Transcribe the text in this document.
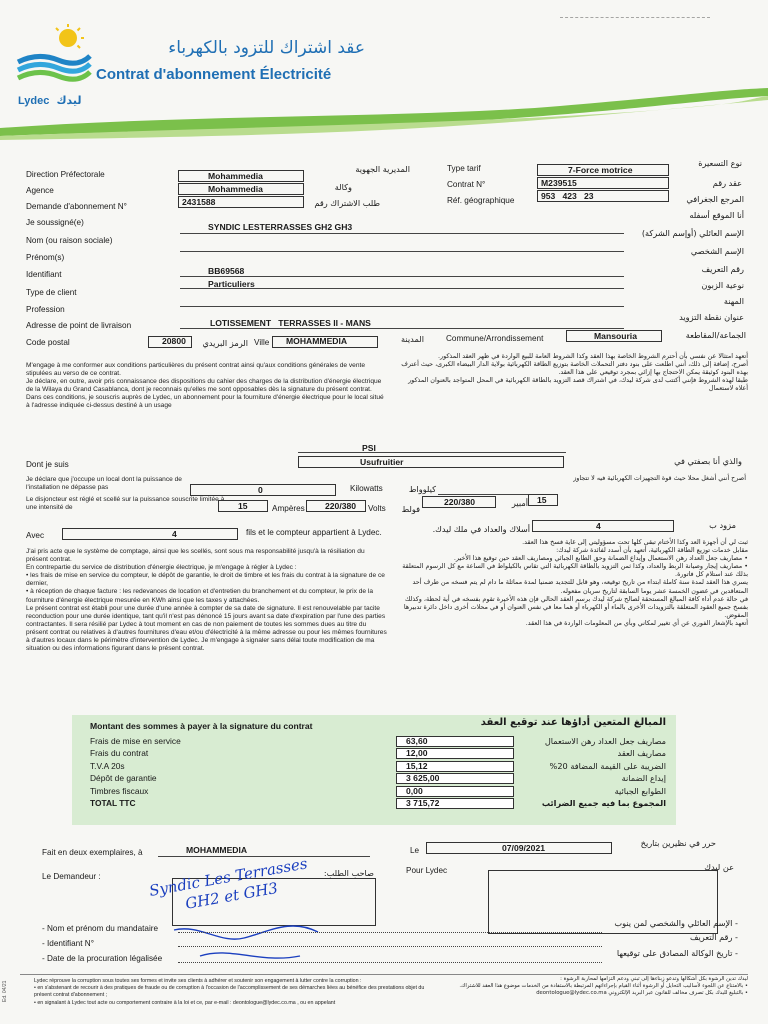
Lydec ليدك
عقد اشتراك للتزود بالكهرباء
Contrat d'abonnement Électricité
Direction Préfectorale	Mohammedia
المديرية الجهوية
Agence	Mohammedia	وكالة
Demande d'abonnement N°	2431588	طلب الاشتراك رقم
Type tarif	7-Force motrice
نوع التسعيرة
Contrat N°	M239515	عقد رقم
Réf. géographique	953   423   23	المرجع الجغرافي
Je soussigné(e)
أنا الموقع أسفله
Nom (ou raison sociale)
SYNDIC LESTERRASSES GH2 GH3
الإسم العائلي (أوإسم الشركة)
Prénom(s)
الإسم الشخصي
Identifiant	BB69568	رقم التعريف
Type de client
Particuliers	نوعية الزبون
Profession
المهنة
Adresse de point de livraison	LOTISSEMENT   TERRASSES II - MANS
عنوان نقطة التزويد
Code postal	20800	الرمز البريدي Ville MOHAMMEDIA	المدينة	Commune/Arrondissement	Mansouria	الجماعة/المقاطعة

M'engage à me conformer aux conditions particulières du présent contrat ainsi qu'aux conditions générales de vente stipulées au verso de ce contrat.

Je déclare, en outre, avoir pris connaissance des dispositions du cahier des charges de la distribution d'énergie électrique de la Wilaya du Grand Casablanca, dont je reconnais qu'elles me sont opposables dès la signature du présent contrat.

Dans ces conditions, je souscris auprès de Lydec, un abonnement pour la fourniture d'énergie électrique pour le local situé à l'adresse indiquée ci-dessus destiné à un usage

أتعهد امتثالا عن نفسي بأن أحترم الشروط الخاصة بهذا العقد وكذا الشروط العامة للبيع الواردة في ظهر العقد المذكور.

أصرح، إضافة إلى ذلك، أنني اطلعت على بنود دفتر التحملات الخاصة بتوزيع الطاقة الكهربائية بولاية الدار البيضاء الكبرى، حيث أعترف بهذه البنود كوثيقة يمكن الاحتجاج بها إزائي بمجرد توقيعي على هذا العقد.

طبقا لهذه الشروط فإنني أكتتب لدى شركة ليدك، في اشتراك قصد التزويد بالطاقة الكهربائية في المحل المتواجد بالعنوان المذكور أعلاه لاستعمال

PSI
Dont je suis	Usufruitier	والذي أنا بصفتي في
Je déclare que j'occupe un local dont la puissance de l'installation ne dépasse pas	0	Kilowatts	كيلوواط
أصرح أنني أشغل محلا حيث قوة التجهيزات الكهربائية فيه لا تتجاوز
Le disjoncteur est réglé et scellé sur la puissance souscrite limitée à une intensité de	15	Ampères 220/380 Volts فولط
220/380	أمبير 15
Avec	4	fils et le compteur appartient à Lydec.	أسلاك والعداد في ملك ليدك.	4	مزود ب

J'ai pris acte que le système de comptage, ainsi que les scellés, sont sous ma responsabilité jusqu'à la résiliation du présent contrat.

En contrepartie du service de distribution d'énergie électrique, je m'engage à régler à Lydec :

• les frais de mise en service du compteur, le dépôt de garantie, le droit de timbre et les frais du contrat à la signature de ce dernier,

• à réception de chaque facture : les redevances de location et d'entretien du branchement et du compteur, le prix de la fourniture d'énergie électrique mesurée en KWh ainsi que les taxes y attachées.

Le présent contrat est établi pour une durée d'une année à compter de sa date de signature. Il est renouvelable par tacite reconduction pour une durée identique, tant qu'il n'est pas dénoncé 15 jours avant sa date d'expiration par l'une des parties contractantes. Il sera résilié par Lydec à tout moment en cas de non paiement de toutes les sommes dues au titre du présent contrat ou relatives à d'autres fournitures d'eau et/ou d'électricité à la même adresse ou pour les mêmes fournitures à d'autres locaux dans le périmètre d'intervention de Lydec. Je m'engage à signaler sans délai toute modification de ma situation ou des informations figurant dans le présent contrat.

ثبت لي أن أجهزة العد وكذا الأختام تبقى كلها تحت مسؤوليتي إلى غاية فسخ هذا العقد.

مقابل خدمات توزيع الطاقة الكهربائية، أتعهد بأن أسدد لفائدة شركة ليدك:

• مصاريف جعل العداد رهن الاستعمال وإيداع الضمانة وحق الطابع الجبائي ومصاريف العقد حين توقيع هذا الأخير.

• مصاريف إيجار وصيانة الربط والعداد، وكذا ثمن التزويد بالطاقة الكهربائية التي تقاس بالكيلواط في الساعة مع كل الرسوم المتعلقة بذلك عند استلام كل فاتورة.

يسري هذا العقد لمدة سنة كاملة ابتداء من تاريخ توقيعه، وهو قابل للتجديد ضمنيا لمدة مماثلة ما دام لم يتم فسخه من طرف أحد المتعاقدين في غضون الخمسة عشر يوما السابقة لتاريخ سريان مفعوله.

في حالة عدم أداء كافة المبالغ المستحقة لصالح شركة ليدك برسم العقد الحالي فإن هذه الأخيرة تقوم بفسخه في أية لحظة، وكذلك بفسخ جميع العقود المتعلقة بالتزويدات الأخرى بالماء أو الكهرباء أو هما معا في نفس العنوان أو في محلات أخرى داخل دائرة تدبيرها المفوض.

أتعهد بالإشعار الفوري عن أي تغيير لمكاني وبأي من المعلومات الواردة في هذا العقد.

Montant des sommes à payer à la signature du contrat	المبالغ المتعين أداؤها عند توقيع العقد
Frais de mise en service	63,60	مصاريف جعل العداد رهن الاستعمال
Frais du contrat	12,00	مصاريف العقد
T.V.A 20s	15,12	الضريبة على القيمة المضافة 20%
Dépôt de garantie	3 625,00	إيداع الضمانة
Timbres fiscaux	0,00	الطوابع الجبائية
TOTAL TTC	3 715,72	المجموع بما فيه جميع الضرائب
Fait en deux exemplaires, à	MOHAMMEDIA	Le	07/09/2021	حرر في نظيرين بتاريخ
Le Demandeur :	صاحب الطلب:	Pour Lydec	عن ليدك
Syndic Les Terrasses GH2 et GH3
- Nom et prénom du mandataire
- الإسم العائلي والشخصي لمن ينوب
- Identifiant N°
- رقم التعريف
- Date de la procuration légalisée
- تاريخ الوكالة المصادق على توقيعها

Lydec réprouve la corruption sous toutes ses formes et invite ses clients à adhérer et soutenir son engagement à lutter contre la corruption :

• en s'abstenant de recourir à des pratiques de fraude ou de corruption à l'occasion de l'accomplissement de ses démarches liées au bénéfice des prestations objet du présent contrat d'abonnement ;

• en signalant à Lydec tout acte ou comportement contraire à la loi et ce, par e-mail : deontologue@lydec.co.ma , ou en appelant

ليدك تدين الرشوة بكل أشكالها وتدعو زبناءها إلى تبني ودعم التزامها لمحاربة الرشوة :

• بالامتناع عن اللجوء لأساليب التحايل أو الرشوة أثناء القيام بإجراءاتهم المرتبطة بالاستفادة من الخدمات موضوع هذا العقد للاشتراك.

• بالتبليغ لليدك بكل تصرف مخالف للقانون عبر البريد الإلكتروني deontologue@lydec.co.ma

Ed. 04/21
